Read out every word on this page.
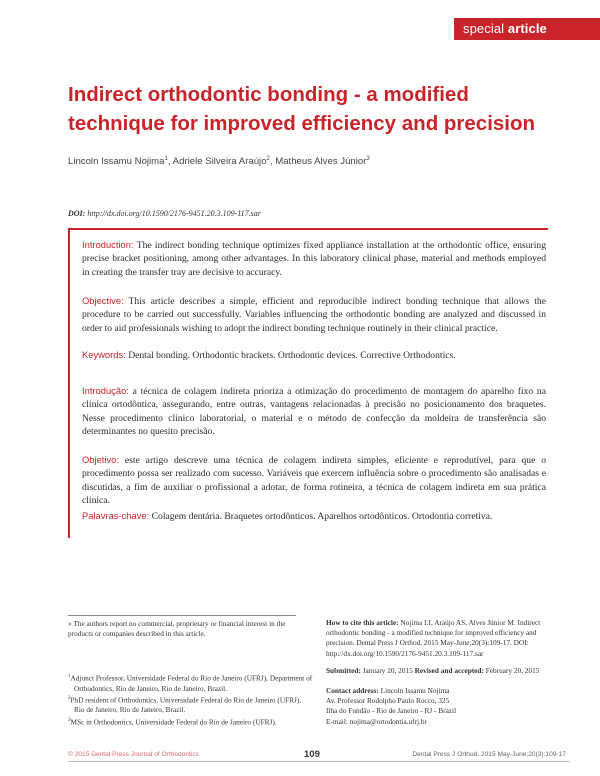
special article
Indirect orthodontic bonding - a modified technique for improved efficiency and precision
Lincoln Issamu Nojima$^1$, Adriele Silveira Araújo$^2$, Matheus Alves Júnior$^3$
DOI: http://dx.doi.org/10.1590/2176-9451.20.3.109-117.sar

Introduction: The indirect bonding technique optimizes fixed appliance installation at the orthodontic office, ensuring precise bracket positioning, among other advantages. In this laboratory clinical phase, material and methods employed in creating the transfer tray are decisive to accuracy.

Objective: This article describes a simple, efficient and reproducible indirect bonding technique that allows the procedure to be carried out successfully. Variables influencing the orthodontic bonding are analyzed and discussed in order to aid professionals wishing to adopt the indirect bonding technique routinely in their clinical practice.

Keywords: Dental bonding. Orthodontic brackets. Orthodontic devices. Corrective Orthodontics.

Introdução: a técnica de colagem indireta prioriza a otimização do procedimento de montagem do aparelho fixo na clínica ortodôntica, assegurando, entre outras, vantagens relacionadas à precisão no posicionamento dos braquetes. Nesse procedimento clínico laboratorial, o material e o método de confecção da moldeira de transferência são determinantes no quesito precisão.

Objetivo: este artigo descreve uma técnica de colagem indireta simples, eficiente e reprodutível, para que o procedimento possa ser realizado com sucesso. Variáveis que exercem influência sobre o procedimento são analisadas e discutidas, a fim de auxiliar o profissional a adotar, de forma rotineira, a técnica de colagem indireta em sua prática clínica.

Palavras-chave: Colagem dentária. Braquetes ortodônticos. Aparelhos ortodônticos. Ortodontia corretiva.

» The authors report no commercial, proprietary or financial interest in the products or companies described in this article.
$^1$Adjunct Professor, Universidade Federal do Rio de Janeiro (UFRJ), Department of Orthodontics, Rio de Janeiro, Rio de Janeiro, Brazil.
$^2$PhD resident of Orthodontics, Universidade Federal do Rio de Janeiro (UFRJ), Rio de Janeiro, Rio de Janeiro, Brazil.
$^3$MSc in Orthodontics, Universidade Federal do Rio de Janeiro (UFRJ).
How to cite this article: Nojima LI, Araújo AS, Alves Júnior M. Indirect orthodontic bonding - a modified technique for improved efficiency and precision. Dental Press J Orthod. 2015 May-June;20(3):109-17. DOI: http://dx.doi.org/10.1590/2176-9451.20.3.109-117.sar
Submitted: January 20, 2015 Revised and accepted: February 20, 2015
Contact address: Lincoln Issamu Nojima
Av. Professor Rodolpho Paulo Rocco, 325
Ilha do Fundão - Rio de Janeiro - RJ - Brazil
E-mail: nojima@ortodontia.ufrj.br
© 2015 Dental Press Journal of Orthodontics	109	Dental Press J Orthod. 2015 May-June;20(3):109-17
